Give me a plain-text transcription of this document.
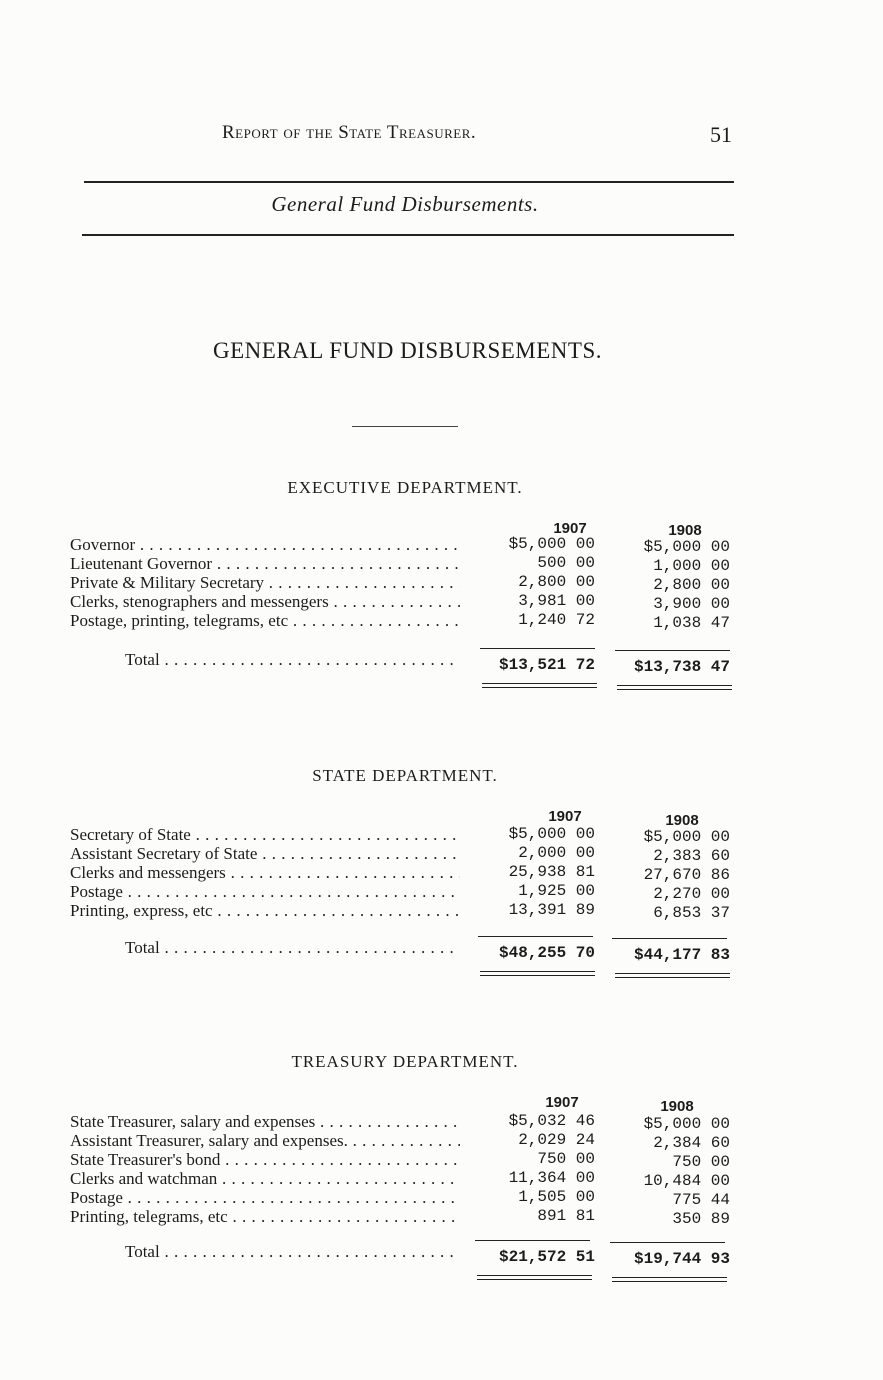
Report of the State Treasurer.	51
General Fund Disbursements.
GENERAL FUND DISBURSEMENTS.
EXECUTIVE DEPARTMENT.
1907	1908
Governor . . .	$5,000 00	$5,000 00
Lieutenant Governor . . .	500 00	1,000 00
Private & Military Secretary . . .	2,800 00	2,800 00
Clerks, stenographers and messengers . . .	3,981 00	3,900 00
Postage, printing, telegrams, etc . . .	1,240 72	1,038 47
Total . . .	$13,521 72	$13,738 47
STATE DEPARTMENT.
1907	1908
Secretary of State . . .	$5,000 00	$5,000 00
Assistant Secretary of State . . .	2,000 00	2,383 60
Clerks and messengers . . .	25,938 81	27,670 86
Postage . . .	1,925 00	2,270 00
Printing, express, etc . . .	13,391 89	6,853 37
Total . . .	$48,255 70	$44,177 83
TREASURY DEPARTMENT.
1907	1908
State Treasurer, salary and expenses . . .	$5,032 46	$5,000 00
Assistant Treasurer, salary and expenses. . . .	2,029 24	2,384 60
State Treasurer's bond . . .	750 00	750 00
Clerks and watchman . . .	11,364 00	10,484 00
Postage . . .	1,505 00	775 44
Printing, telegrams, etc . . .	891 81	350 89
Total . . .	$21,572 51	$19,744 93
